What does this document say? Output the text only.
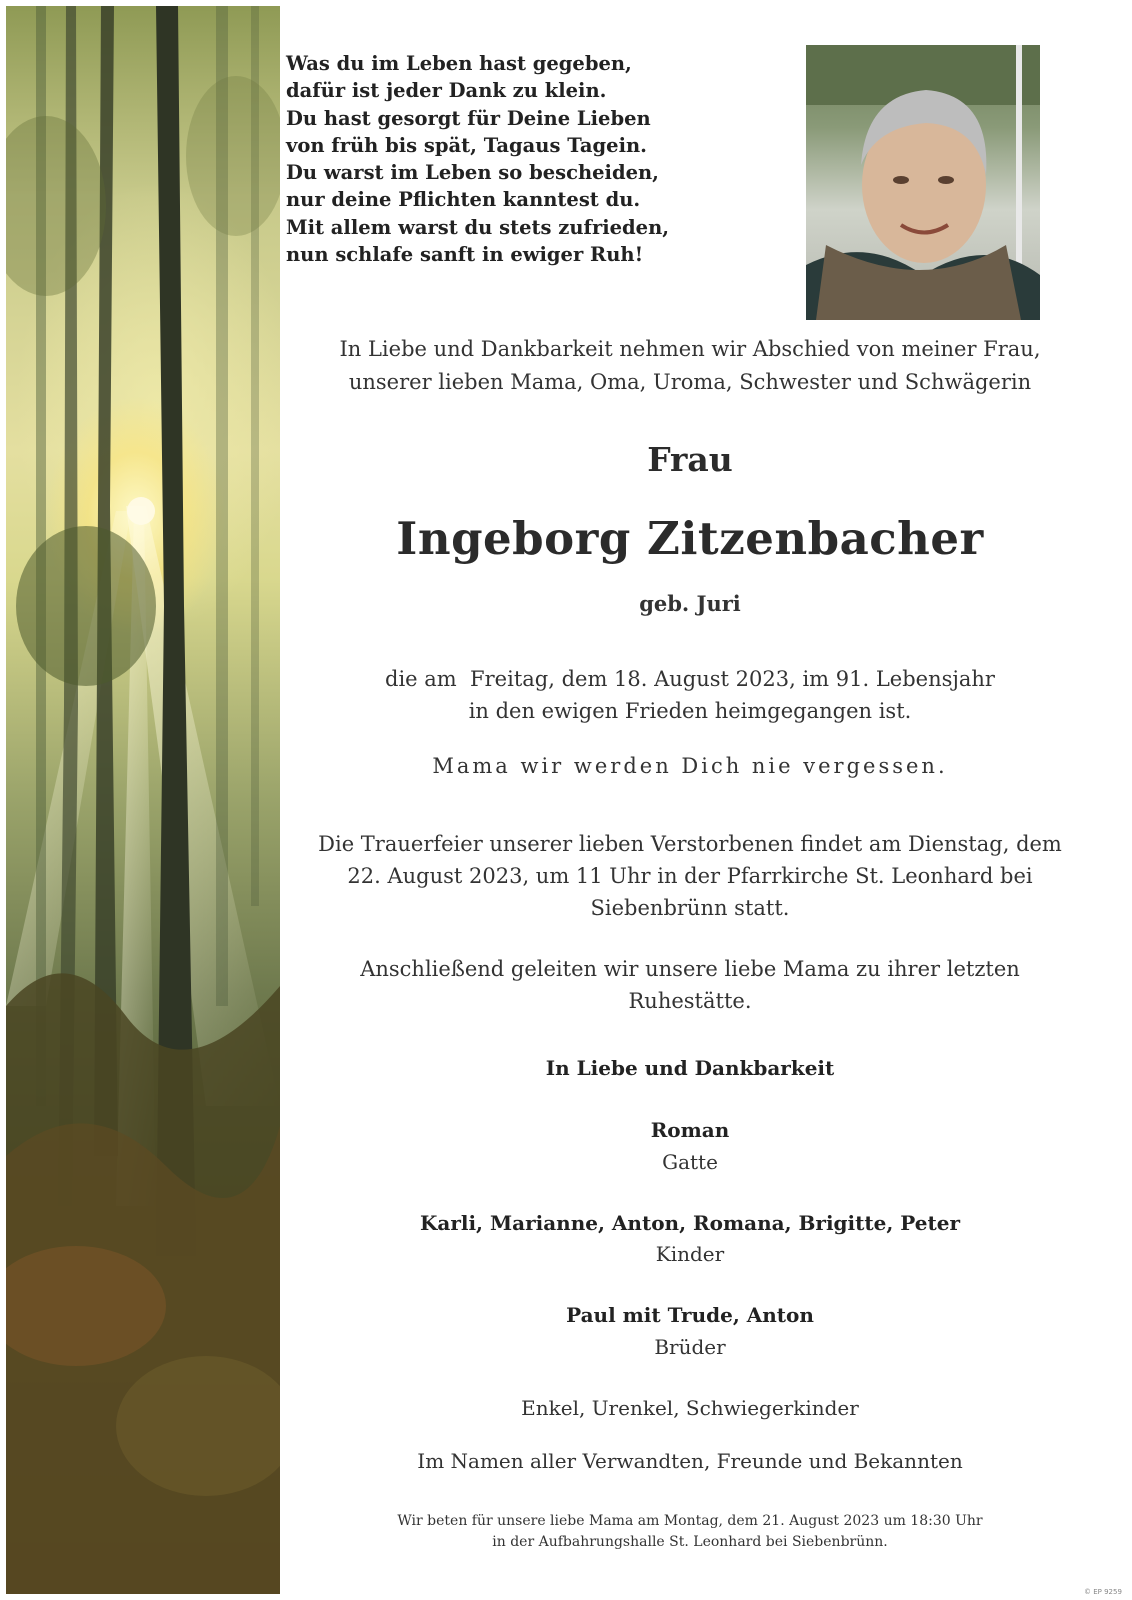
Was du im Leben hast gegeben,
dafür ist jeder Dank zu klein.
Du hast gesorgt für Deine Lieben
von früh bis spät, Tagaus Tagein.
Du warst im Leben so bescheiden,
nur deine Pflichten kanntest du.
Mit allem warst du stets zufrieden,
nun schlafe sanft in ewiger Ruh!
In Liebe und Dankbarkeit nehmen wir Abschied von meiner Frau,
unserer lieben Mama, Oma, Uroma, Schwester und Schwägerin
Frau
Ingeborg Zitzenbacher
geb. Juri
die am  Freitag, dem 18. August 2023, im 91. Lebensjahr
in den ewigen Frieden heimgegangen ist.
Mama wir werden Dich nie vergessen.
Die Trauerfeier unserer lieben Verstorbenen findet am Dienstag, dem
22. August 2023, um 11 Uhr in der Pfarrkirche St. Leonhard bei
Siebenbrünn statt.
Anschließend geleiten wir unsere liebe Mama zu ihrer letzten
Ruhestätte.
In Liebe und Dankbarkeit
Roman
Gatte
Karli, Marianne, Anton, Romana, Brigitte, Peter
Kinder
Paul mit Trude, Anton
Brüder
Enkel, Urenkel, Schwiegerkinder
Im Namen aller Verwandten, Freunde und Bekannten
Wir beten für unsere liebe Mama am Montag, dem 21. August 2023 um 18:30 Uhr
in der Aufbahrungshalle St. Leonhard bei Siebenbrünn.
© EP 9259
